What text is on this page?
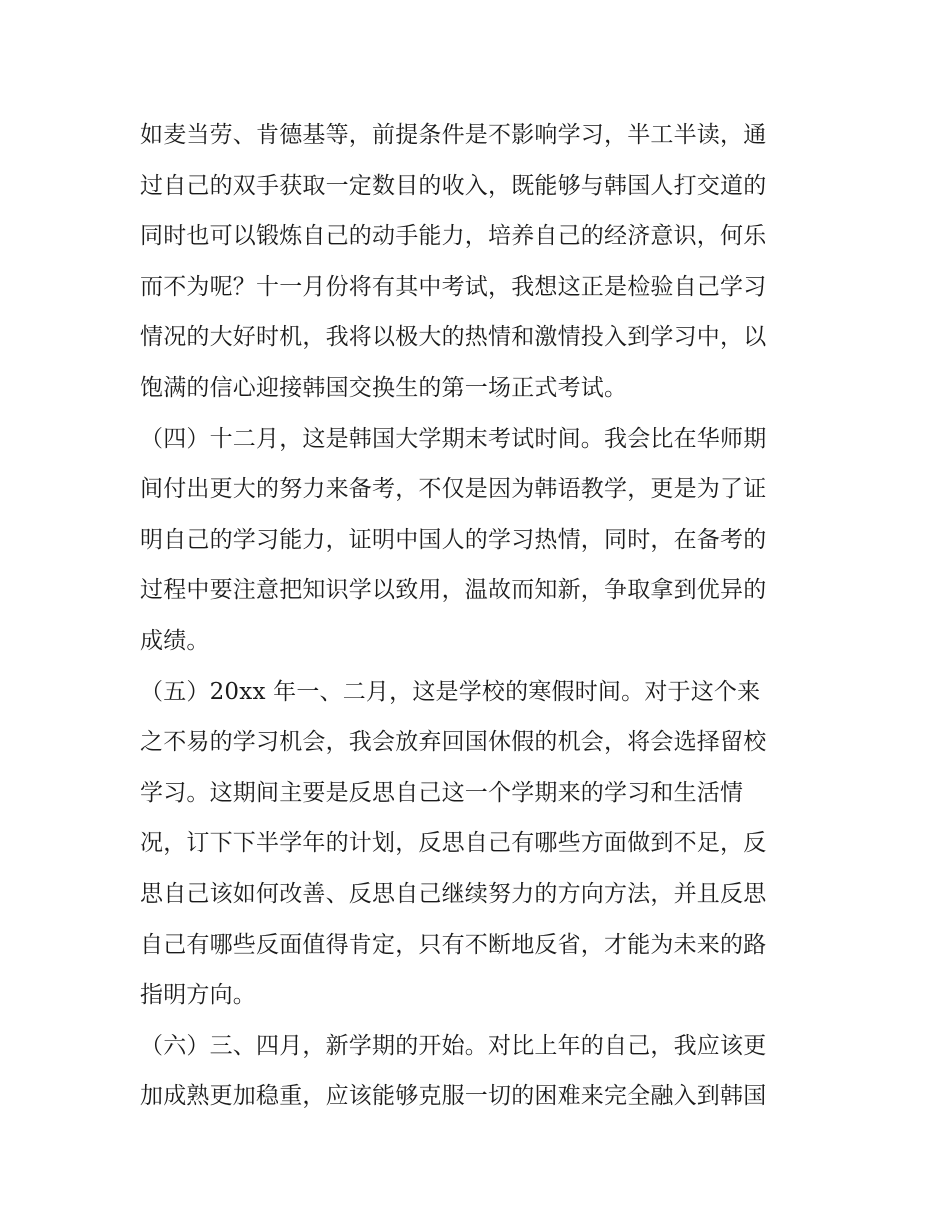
如麦当劳、肯德基等，前提条件是不影响学习，半工半读，通
过自己的双手获取一定数目的收入，既能够与韩国人打交道的
同时也可以锻炼自己的动手能力，培养自己的经济意识，何乐
而不为呢？十一月份将有其中考试，我想这正是检验自己学习
情况的大好时机，我将以极大的热情和激情投入到学习中，以
饱满的信心迎接韩国交换生的第一场正式考试。
（四）十二月，这是韩国大学期末考试时间。我会比在华师期
间付出更大的努力来备考，不仅是因为韩语教学，更是为了证
明自己的学习能力，证明中国人的学习热情，同时，在备考的
过程中要注意把知识学以致用，温故而知新，争取拿到优异的
成绩。
（五）20xx 年一、二月，这是学校的寒假时间。对于这个来
之不易的学习机会，我会放弃回国休假的机会，将会选择留校
学习。这期间主要是反思自己这一个学期来的学习和生活情
况，订下下半学年的计划，反思自己有哪些方面做到不足，反
思自己该如何改善、反思自己继续努力的方向方法，并且反思
自己有哪些反面值得肯定，只有不断地反省，才能为未来的路
指明方向。
（六）三、四月，新学期的开始。对比上年的自己，我应该更
加成熟更加稳重，应该能够克服一切的困难来完全融入到韩国
